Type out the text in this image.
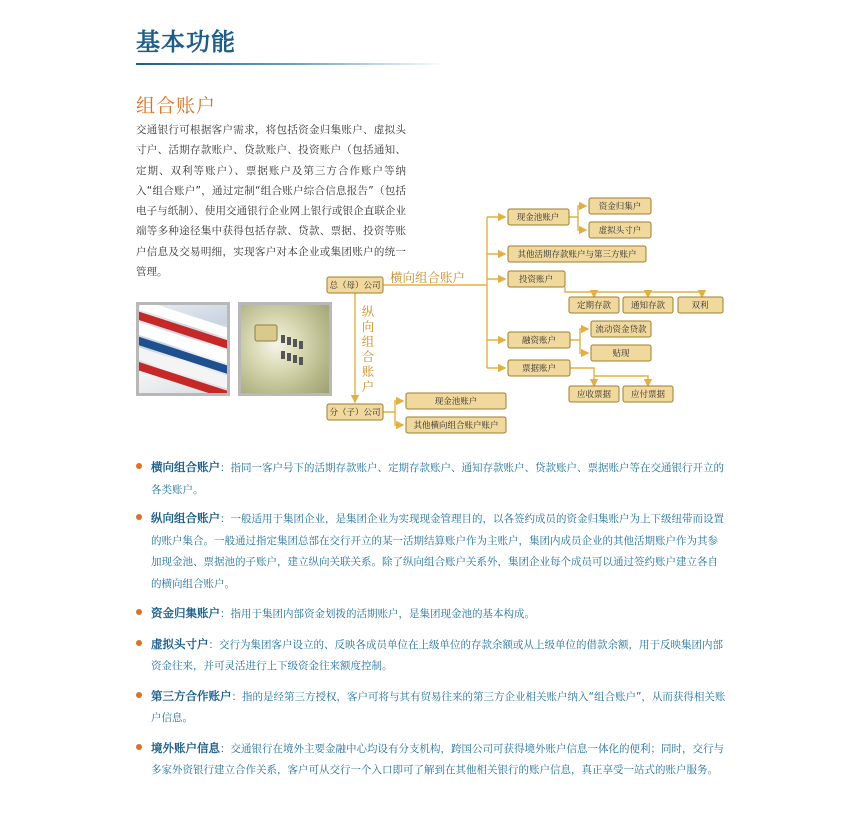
基本功能
组合账户
交通银行可根据客户需求，将包括资金归集账户、虚拟头寸户、活期存款账户、贷款账户、投资账户（包括通知、定期、双利等账户）、票据账户及第三方合作账户等纳入“组合账户”，通过定制“组合账户综合信息报告”（包括电子与纸制）、使用交通银行企业网上银行或银企直联企业端等多种途径集中获得包括存款、贷款、票据、投资等账户信息及交易明细，实现客户对本企业或集团账户的统一管理。
总（母）公司
横向组合账户
现金池账户
资金归集户
虚拟头寸户
其他活期存款账户与第三方账户
投资账户
定期存款 通知存款	双利
融资账户
流动资金贷款
贴现
票据账户
应收票据 应付票据
纵
向
组
合
账
户
分（子）公司
现金池账户
其他横向组合账户账户
横向组合账户：指同一客户号下的活期存款账户、定期存款账户、通知存款账户、贷款账户、票据账户等在交通银行开立的各类账户。
纵向组合账户：一般适用于集团企业，是集团企业为实现现金管理目的，以各签约成员的资金归集账户为上下级纽带而设置的账户集合。一般通过指定集团总部在交行开立的某一活期结算账户作为主账户，集团内成员企业的其他活期账户作为其参加现金池、票据池的子账户，建立纵向关联关系。除了纵向组合账户关系外，集团企业每个成员可以通过签约账户建立各自的横向组合账户。
资金归集账户：指用于集团内部资金划拨的活期账户，是集团现金池的基本构成。
虚拟头寸户：交行为集团客户设立的、反映各成员单位在上级单位的存款余额或从上级单位的借款余额，用于反映集团内部资金往来，并可灵活进行上下级资金往来额度控制。
第三方合作账户：指的是经第三方授权，客户可将与其有贸易往来的第三方企业相关账户纳入“组合账户”，从而获得相关账户信息。
境外账户信息：交通银行在境外主要金融中心均设有分支机构，跨国公司可获得境外账户信息一体化的便利；同时，交行与多家外资银行建立合作关系，客户可从交行一个入口即可了解到在其他相关银行的账户信息，真正享受一站式的账户服务。
